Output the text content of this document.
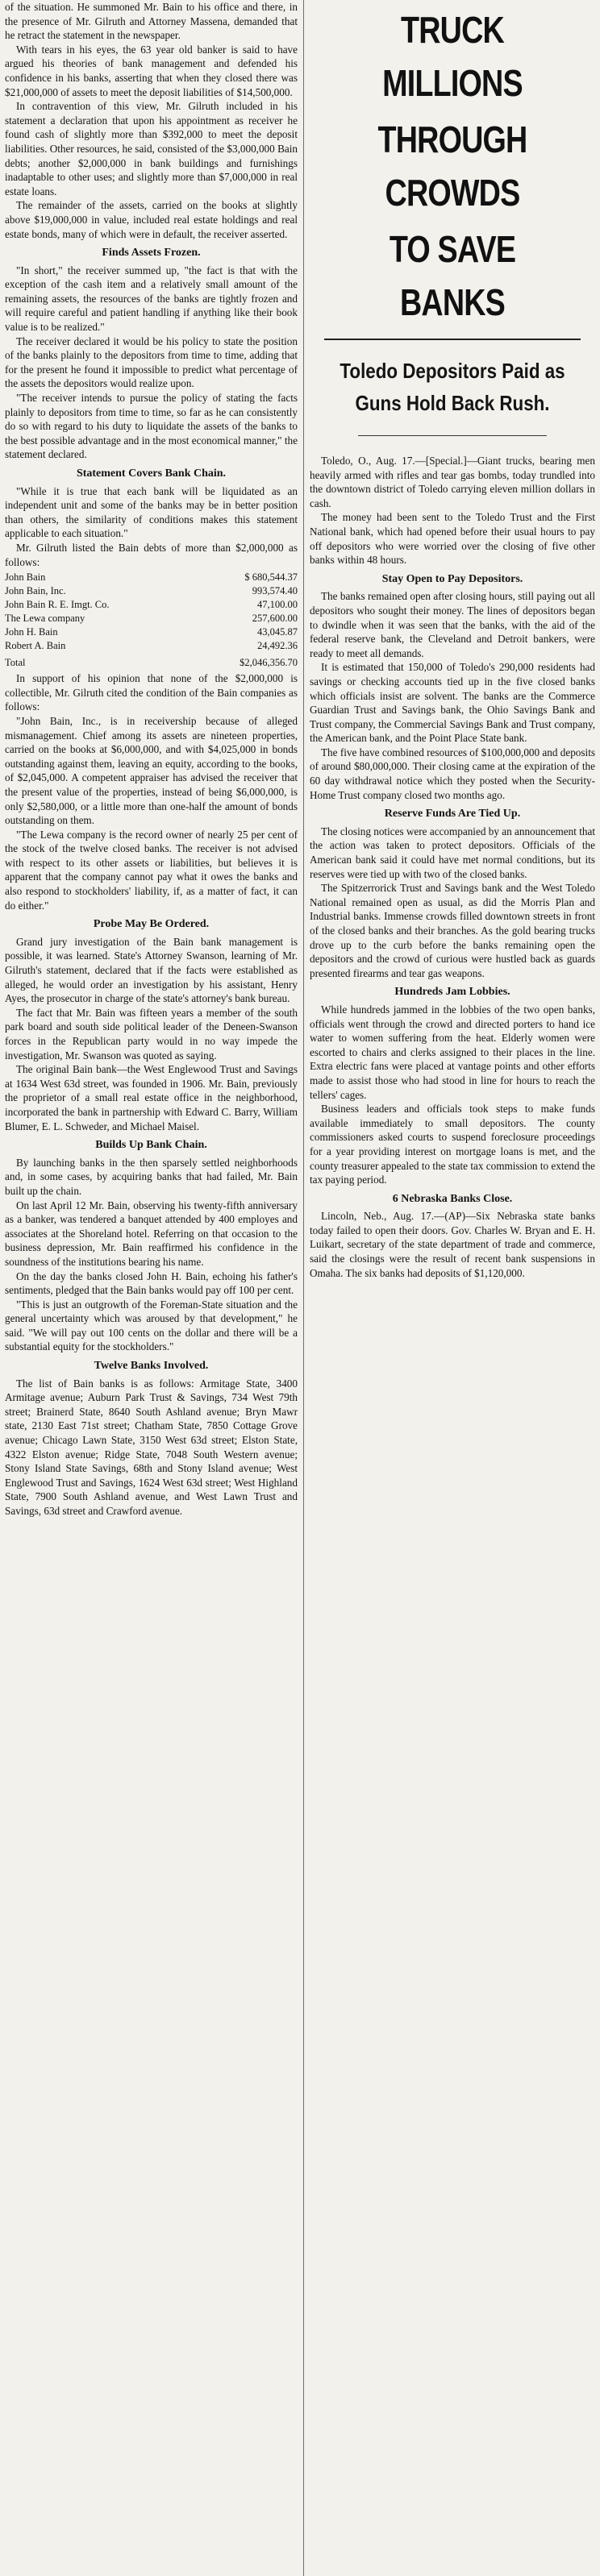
of the situation. He summoned Mr. Bain to his office and there, in the presence of Mr. Gilruth and Attorney Massena, demanded that he retract the statement in the newspaper.

With tears in his eyes, the 63 year old banker is said to have argued his theories of bank management and defended his confidence in his banks, asserting that when they closed there was $21,000,000 of assets to meet the deposit liabilities of $14,500,000.

In contravention of this view, Mr. Gilruth included in his statement a declaration that upon his appointment as receiver he found cash of slightly more than $392,000 to meet the deposit liabilities. Other resources, he said, consisted of the $3,000,000 Bain debts; another $2,000,000 in bank buildings and furnishings inadaptable to other uses; and slightly more than $7,000,000 in real estate loans.

The remainder of the assets, carried on the books at slightly above $19,000,000 in value, included real estate holdings and real estate bonds, many of which were in default, the receiver asserted.

Finds Assets Frozen.

"In short," the receiver summed up, "the fact is that with the exception of the cash item and a relatively small amount of the remaining assets, the resources of the banks are tightly frozen and will require careful and patient handling if anything like their book value is to be realized."

The receiver declared it would be his policy to state the position of the banks plainly to the depositors from time to time, adding that for the present he found it impossible to predict what percentage of the assets the depositors would realize upon.

"The receiver intends to pursue the policy of stating the facts plainly to depositors from time to time, so far as he can consistently do so with regard to his duty to liquidate the assets of the banks to the best possible advantage and in the most economical manner," the statement declared.

Statement Covers Bank Chain.

"While it is true that each bank will be liquidated as an independent unit and some of the banks may be in better position than others, the similarity of conditions makes this statement applicable to each situation."

Mr. Gilruth listed the Bain debts of more than $2,000,000 as follows:

John Bain	$ 680,544.37
John Bain, Inc.	993,574.40
John Bain R. E. Imgt. Co.	47,100.00
The Lewa company	257,600.00
John H. Bain	43,045.87
Robert A. Bain	24,492.36
Total	$2,046,356.70

In support of his opinion that none of the $2,000,000 is collectible, Mr. Gilruth cited the condition of the Bain companies as follows:

"John Bain, Inc., is in receivership because of alleged mismanagement. Chief among its assets are nineteen properties, carried on the books at $6,000,000, and with $4,025,000 in bonds outstanding against them, leaving an equity, according to the books, of $2,045,000. A competent appraiser has advised the receiver that the present value of the properties, instead of being $6,000,000, is only $2,580,000, or a little more than one-half the amount of bonds outstanding on them.

"The Lewa company is the record owner of nearly 25 per cent of the stock of the twelve closed banks. The receiver is not advised with respect to its other assets or liabilities, but believes it is apparent that the company cannot pay what it owes the banks and also respond to stockholders' liability, if, as a matter of fact, it can do either."

Probe May Be Ordered.

Grand jury investigation of the Bain bank management is possible, it was learned. State's Attorney Swanson, learning of Mr. Gilruth's statement, declared that if the facts were established as alleged, he would order an investigation by his assistant, Henry Ayes, the prosecutor in charge of the state's attorney's bank bureau.

The fact that Mr. Bain was fifteen years a member of the south park board and south side political leader of the Deneen-Swanson forces in the Republican party would in no way impede the investigation, Mr. Swanson was quoted as saying.

The original Bain bank—the West Englewood Trust and Savings at 1634 West 63d street, was founded in 1906. Mr. Bain, previously the proprietor of a small real estate office in the neighborhood, incorporated the bank in partnership with Edward C. Barry, William Blumer, E. L. Schweder, and Michael Maisel.

Builds Up Bank Chain.

By launching banks in the then sparsely settled neighborhoods and, in some cases, by acquiring banks that had failed, Mr. Bain built up the chain.

On last April 12 Mr. Bain, observing his twenty-fifth anniversary as a banker, was tendered a banquet attended by 400 employes and associates at the Shoreland hotel. Referring on that occasion to the business depression, Mr. Bain reaffirmed his confidence in the soundness of the institutions bearing his name.

On the day the banks closed John H. Bain, echoing his father's sentiments, pledged that the Bain banks would pay off 100 per cent.

"This is just an outgrowth of the Foreman-State situation and the general uncertainty which was aroused by that development," he said. "We will pay out 100 cents on the dollar and there will be a substantial equity for the stockholders."

Twelve Banks Involved.

The list of Bain banks is as follows: Armitage State, 3400 Armitage avenue; Auburn Park Trust & Savings, 734 West 79th street; Brainerd State, 8640 South Ashland avenue; Bryn Mawr state, 2130 East 71st street; Chatham State, 7850 Cottage Grove avenue; Chicago Lawn State, 3150 West 63d street; Elston State, 4322 Elston avenue; Ridge State, 7048 South Western avenue; Stony Island State Savings, 68th and Stony Island avenue; West Englewood Trust and Savings, 1624 West 63d street; West Highland State, 7900 South Ashland avenue, and West Lawn Trust and Savings, 63d street and Crawford avenue.

TRUCK MILLIONS
THROUGH CROWDS
TO SAVE BANKS
Toledo Depositors Paid as
Guns Hold Back Rush.

Toledo, O., Aug. 17.—[Special.]—Giant trucks, bearing men heavily armed with rifles and tear gas bombs, today trundled into the downtown district of Toledo carrying eleven million dollars in cash.

The money had been sent to the Toledo Trust and the First National bank, which had opened before their usual hours to pay off depositors who were worried over the closing of five other banks within 48 hours.

Stay Open to Pay Depositors.

The banks remained open after closing hours, still paying out all depositors who sought their money. The lines of depositors began to dwindle when it was seen that the banks, with the aid of the federal reserve bank, the Cleveland and Detroit bankers, were ready to meet all demands.

It is estimated that 150,000 of Toledo's 290,000 residents had savings or checking accounts tied up in the five closed banks which officials insist are solvent. The banks are the Commerce Guardian Trust and Savings bank, the Ohio Savings Bank and Trust company, the Commercial Savings Bank and Trust company, the American bank, and the Point Place State bank.

The five have combined resources of $100,000,000 and deposits of around $80,000,000. Their closing came at the expiration of the 60 day withdrawal notice which they posted when the Security-Home Trust company closed two months ago.

Reserve Funds Are Tied Up.

The closing notices were accompanied by an announcement that the action was taken to protect depositors. Officials of the American bank said it could have met normal conditions, but its reserves were tied up with two of the closed banks.

The Spitzerrorick Trust and Savings bank and the West Toledo National remained open as usual, as did the Morris Plan and Industrial banks. Immense crowds filled downtown streets in front of the closed banks and their branches. As the gold bearing trucks drove up to the curb before the banks remaining open the depositors and the crowd of curious were hustled back as guards presented firearms and tear gas weapons.

Hundreds Jam Lobbies.

While hundreds jammed in the lobbies of the two open banks, officials went through the crowd and directed porters to hand ice water to women suffering from the heat. Elderly women were escorted to chairs and clerks assigned to their places in the line. Extra electric fans were placed at vantage points and other efforts made to assist those who had stood in line for hours to reach the tellers' cages.

Business leaders and officials took steps to make funds available immediately to small depositors. The county commissioners asked courts to suspend foreclosure proceedings for a year providing interest on mortgage loans is met, and the county treasurer appealed to the state tax commission to extend the tax paying period.

6 Nebraska Banks Close.

Lincoln, Neb., Aug. 17.—(AP)—Six Nebraska state banks today failed to open their doors. Gov. Charles W. Bryan and E. H. Luikart, secretary of the state department of trade and commerce, said the closings were the result of recent bank suspensions in Omaha. The six banks had deposits of $1,120,000.
